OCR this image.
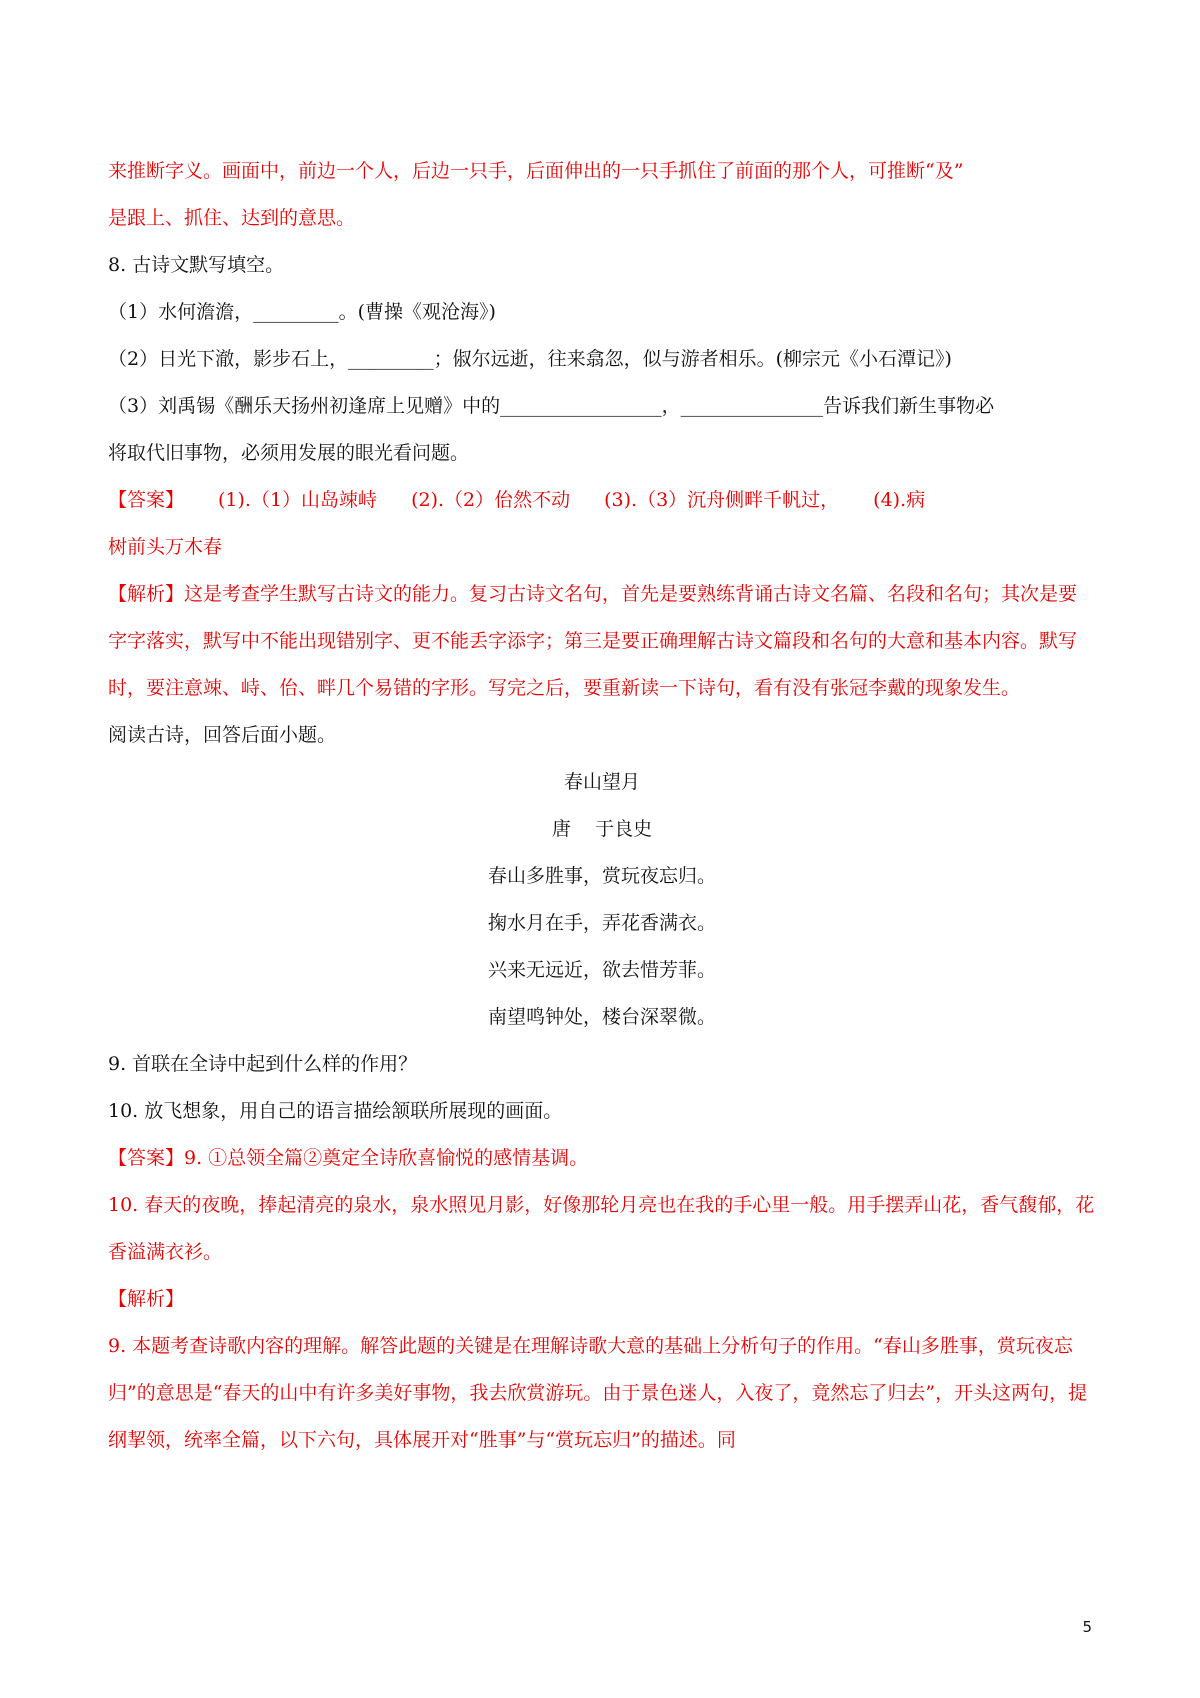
来推断字义。画面中，前边一个人，后边一只手，后面伸出的一只手抓住了前面的那个人，可推断“及”

是跟上、抓住、达到的意思。

8. 古诗文默写填空。

（1）水何澹澹，_________。(曹操《观沧海》)

（2）日光下澈，影步石上，_________；俶尔远逝，往来翕忽，似与游者相乐。(柳宗元《小石潭记》)

（3）刘禹锡《酬乐天扬州初逢席上见赠》中的_________________，_______________告诉我们新生事物必

将取代旧事物，必须用发展的眼光看问题。

【答案】 (1).（1）山岛竦峙 (2).（2）佁然不动 (3).（3）沉舟侧畔千帆过， (4).病

树前头万木春

【解析】这是考查学生默写古诗文的能力。复习古诗文名句，首先是要熟练背诵古诗文名篇、名段和名句；其次是要字字落实，默写中不能出现错别字、更不能丢字添字；第三是要正确理解古诗文篇段和名句的大意和基本内容。默写时，要注意竦、峙、佁、畔几个易错的字形。写完之后，要重新读一下诗句，看有没有张冠李戴的现象发生。

阅读古诗，回答后面小题。

春山望月

唐    于良史

春山多胜事，赏玩夜忘归。

掬水月在手，弄花香满衣。

兴来无远近，欲去惜芳菲。

南望鸣钟处，楼台深翠微。

9. 首联在全诗中起到什么样的作用？

10. 放飞想象，用自己的语言描绘颔联所展现的画面。

【答案】9. ①总领全篇②奠定全诗欣喜愉悦的感情基调。

10. 春天的夜晚，捧起清亮的泉水，泉水照见月影，好像那轮月亮也在我的手心里一般。用手摆弄山花，香气馥郁，花香溢满衣衫。

【解析】

9. 本题考查诗歌内容的理解。解答此题的关键是在理解诗歌大意的基础上分析句子的作用。“春山多胜事，赏玩夜忘归”的意思是“春天的山中有许多美好事物，我去欣赏游玩。由于景色迷人，入夜了，竟然忘了归去”，开头这两句，提纲挈领，统率全篇，以下六句，具体展开对“胜事”与“赏玩忘归”的描述。同

5
